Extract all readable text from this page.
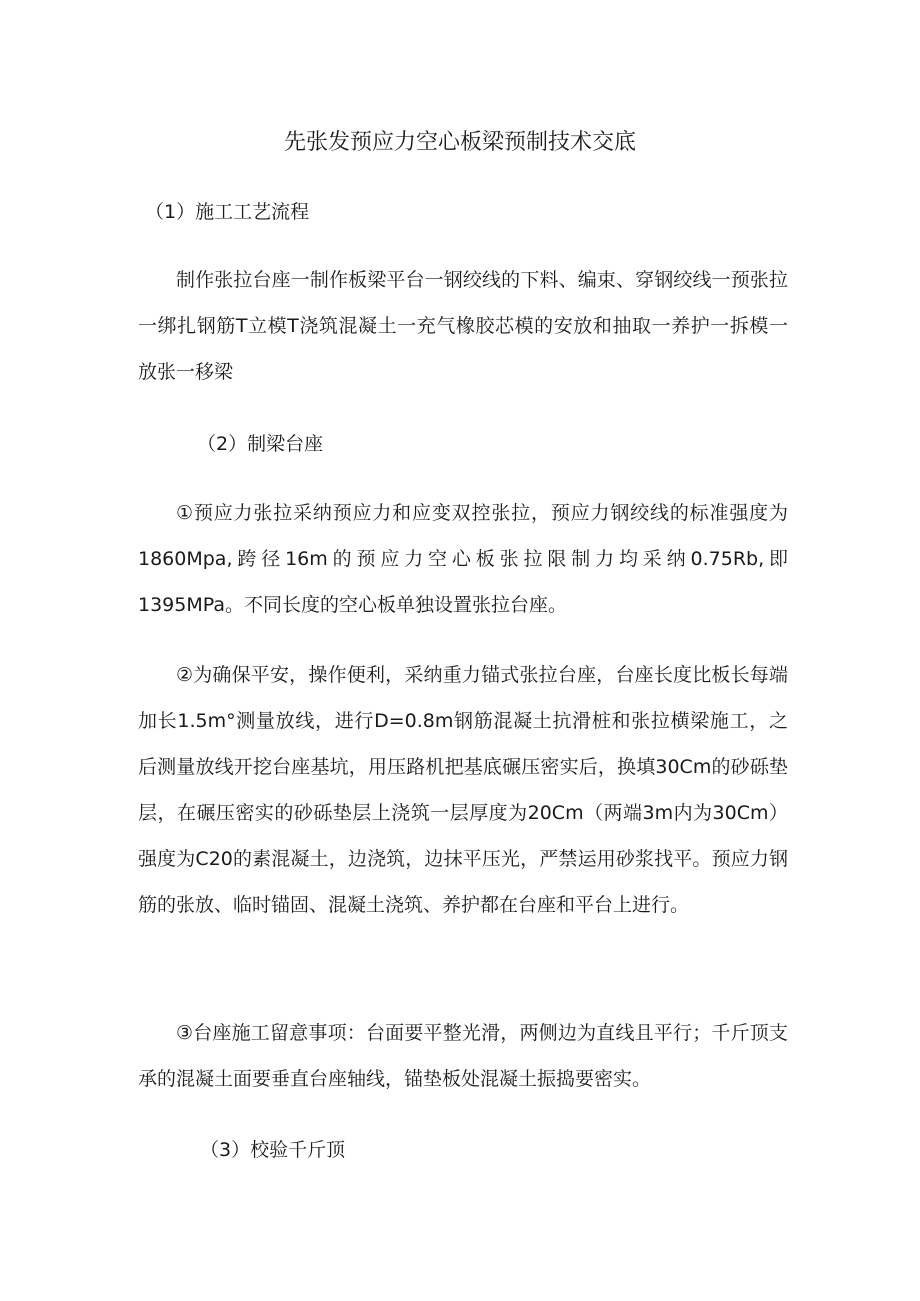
先张发预应力空心板梁预制技术交底
（1）施工工艺流程
制作张拉台座一制作板梁平台一钢绞线的下料、编束、穿钢绞线一预张拉一绑扎钢筋T立模T浇筑混凝土一充气橡胶芯模的安放和抽取一养护一拆模一放张一移梁
（2）制梁台座
①预应力张拉采纳预应力和应变双控张拉，预应力钢绞线的标准强度为1860Mpa,跨径16m的预应力空心板张拉限制力均采纳0.75Rb,即1395MPa。不同长度的空心板单独设置张拉台座。
②为确保平安，操作便利，采纳重力锚式张拉台座，台座长度比板长每端加长1.5m°测量放线，进行D=0.8m钢筋混凝土抗滑桩和张拉横梁施工，之后测量放线开挖台座基坑，用压路机把基底碾压密实后，换填30Cm的砂砾垫层，在碾压密实的砂砾垫层上浇筑一层厚度为20Cm（两端3m内为30Cm）强度为C20的素混凝土，边浇筑，边抹平压光，严禁运用砂浆找平。预应力钢筋的张放、临时锚固、混凝土浇筑、养护都在台座和平台上进行。
③台座施工留意事项：台面要平整光滑，两侧边为直线且平行；千斤顶支承的混凝土面要垂直台座轴线，锚垫板处混凝土振捣要密实。
（3）校验千斤顶
